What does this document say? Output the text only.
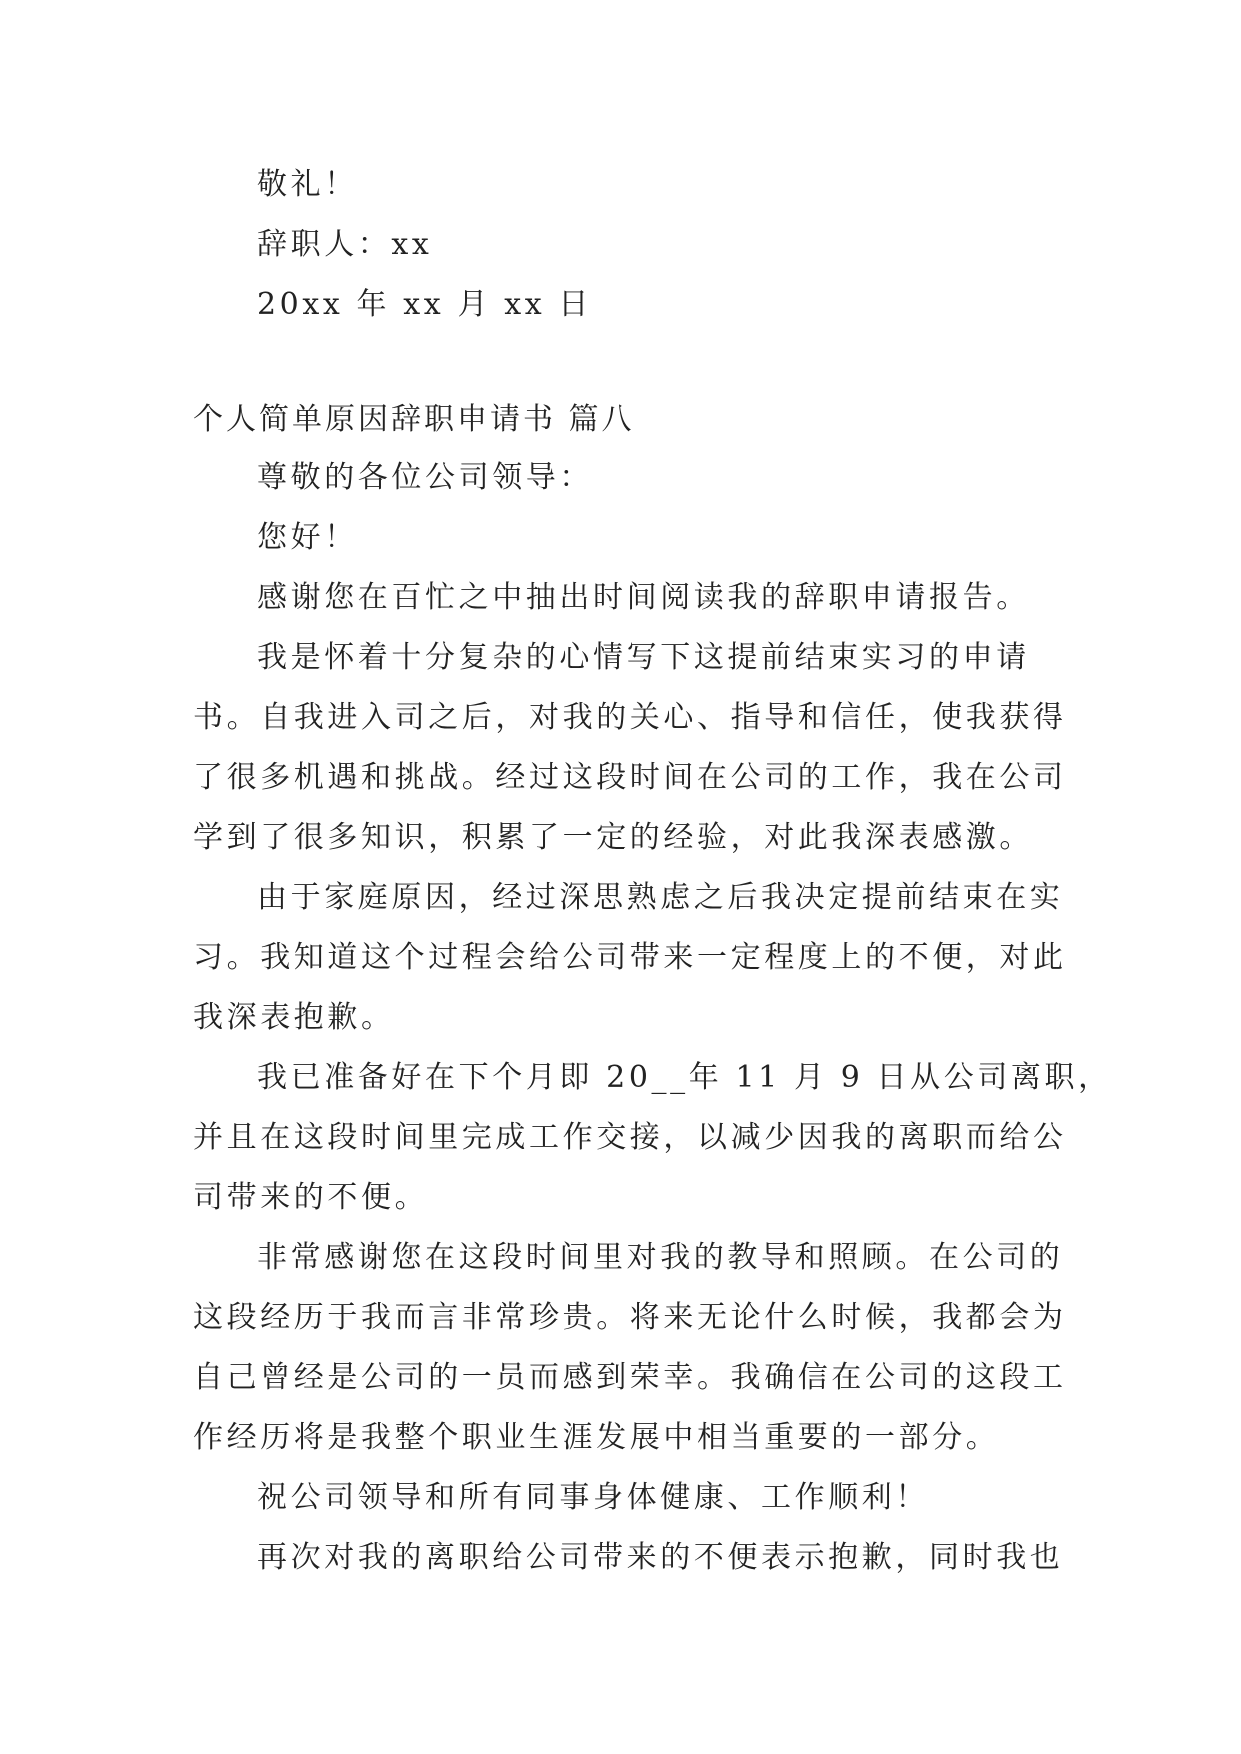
敬礼！
辞职人：xx
20xx 年 xx 月 xx 日
个人简单原因辞职申请书 篇八
尊敬的各位公司领导：
您好！
感谢您在百忙之中抽出时间阅读我的辞职申请报告。
我是怀着十分复杂的心情写下这提前结束实习的申请
书。自我进入司之后，对我的关心、指导和信任，使我获得
了很多机遇和挑战。经过这段时间在公司的工作，我在公司
学到了很多知识，积累了一定的经验，对此我深表感激。
由于家庭原因，经过深思熟虑之后我决定提前结束在实
习。我知道这个过程会给公司带来一定程度上的不便，对此
我深表抱歉。
我已准备好在下个月即 20__年 11 月 9 日从公司离职，
并且在这段时间里完成工作交接，以减少因我的离职而给公
司带来的不便。
非常感谢您在这段时间里对我的教导和照顾。在公司的
这段经历于我而言非常珍贵。将来无论什么时候，我都会为
自己曾经是公司的一员而感到荣幸。我确信在公司的这段工
作经历将是我整个职业生涯发展中相当重要的一部分。
祝公司领导和所有同事身体健康、工作顺利！
再次对我的离职给公司带来的不便表示抱歉，同时我也
